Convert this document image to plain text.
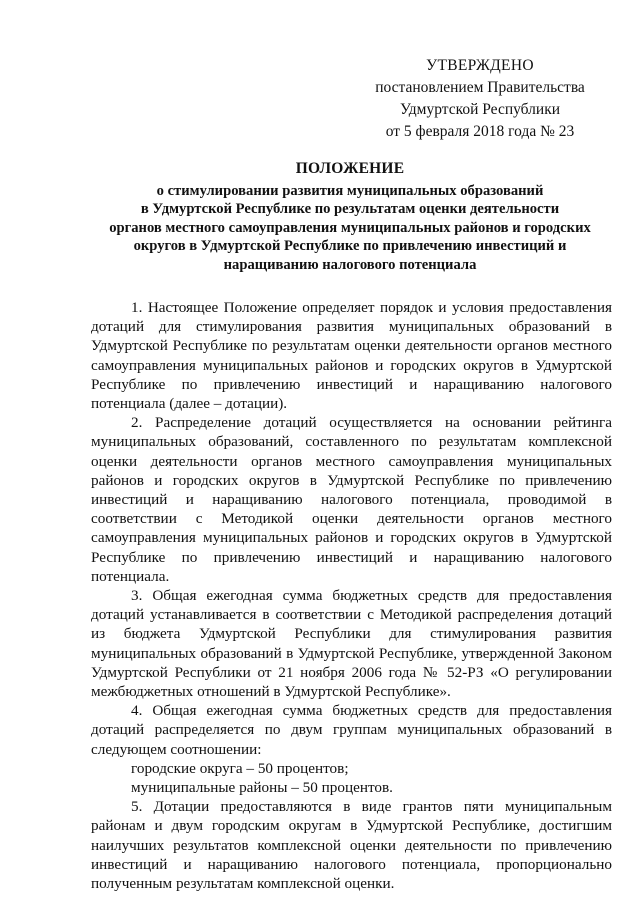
УТВЕРЖДЕНО
постановлением Правительства
Удмуртской Республики
от 5 февраля 2018 года № 23
ПОЛОЖЕНИЕ
о стимулировании развития муниципальных образований
в Удмуртской Республике по результатам оценки деятельности
органов местного самоуправления муниципальных районов и городских
округов в Удмуртской Республике по привлечению инвестиций и
наращиванию налогового потенциала

1. Настоящее Положение определяет порядок и условия предоставления дотаций для стимулирования развития муниципальных образований в Удмуртской Республике по результатам оценки деятельности органов местного самоуправления муниципальных районов и городских округов в Удмуртской Республике по привлечению инвестиций и наращиванию налогового потенциала (далее – дотации).

2. Распределение дотаций осуществляется на основании рейтинга муниципальных образований, составленного по результатам комплексной оценки деятельности органов местного самоуправления муниципальных районов и городских округов в Удмуртской Республике по привлечению инвестиций и наращиванию налогового потенциала, проводимой в соответствии с Методикой оценки деятельности органов местного самоуправления муниципальных районов и городских округов в Удмуртской Республике по привлечению инвестиций и наращиванию налогового потенциала.

3. Общая ежегодная сумма бюджетных средств для предоставления дотаций устанавливается в соответствии с Методикой распределения дотаций из бюджета Удмуртской Республики для стимулирования развития муниципальных образований в Удмуртской Республике, утвержденной Законом Удмуртской Республики от 21 ноября 2006 года № 52-РЗ «О регулировании межбюджетных отношений в Удмуртской Республике».

4. Общая ежегодная сумма бюджетных средств для предоставления дотаций распределяется по двум группам муниципальных образований в следующем соотношении:

городские округа – 50 процентов;

муниципальные районы – 50 процентов.

5. Дотации предоставляются в виде грантов пяти муниципальным районам и двум городским округам в Удмуртской Республике, достигшим наилучших результатов комплексной оценки деятельности по привлечению инвестиций и наращиванию налогового потенциала, пропорционально полученным результатам комплексной оценки.
